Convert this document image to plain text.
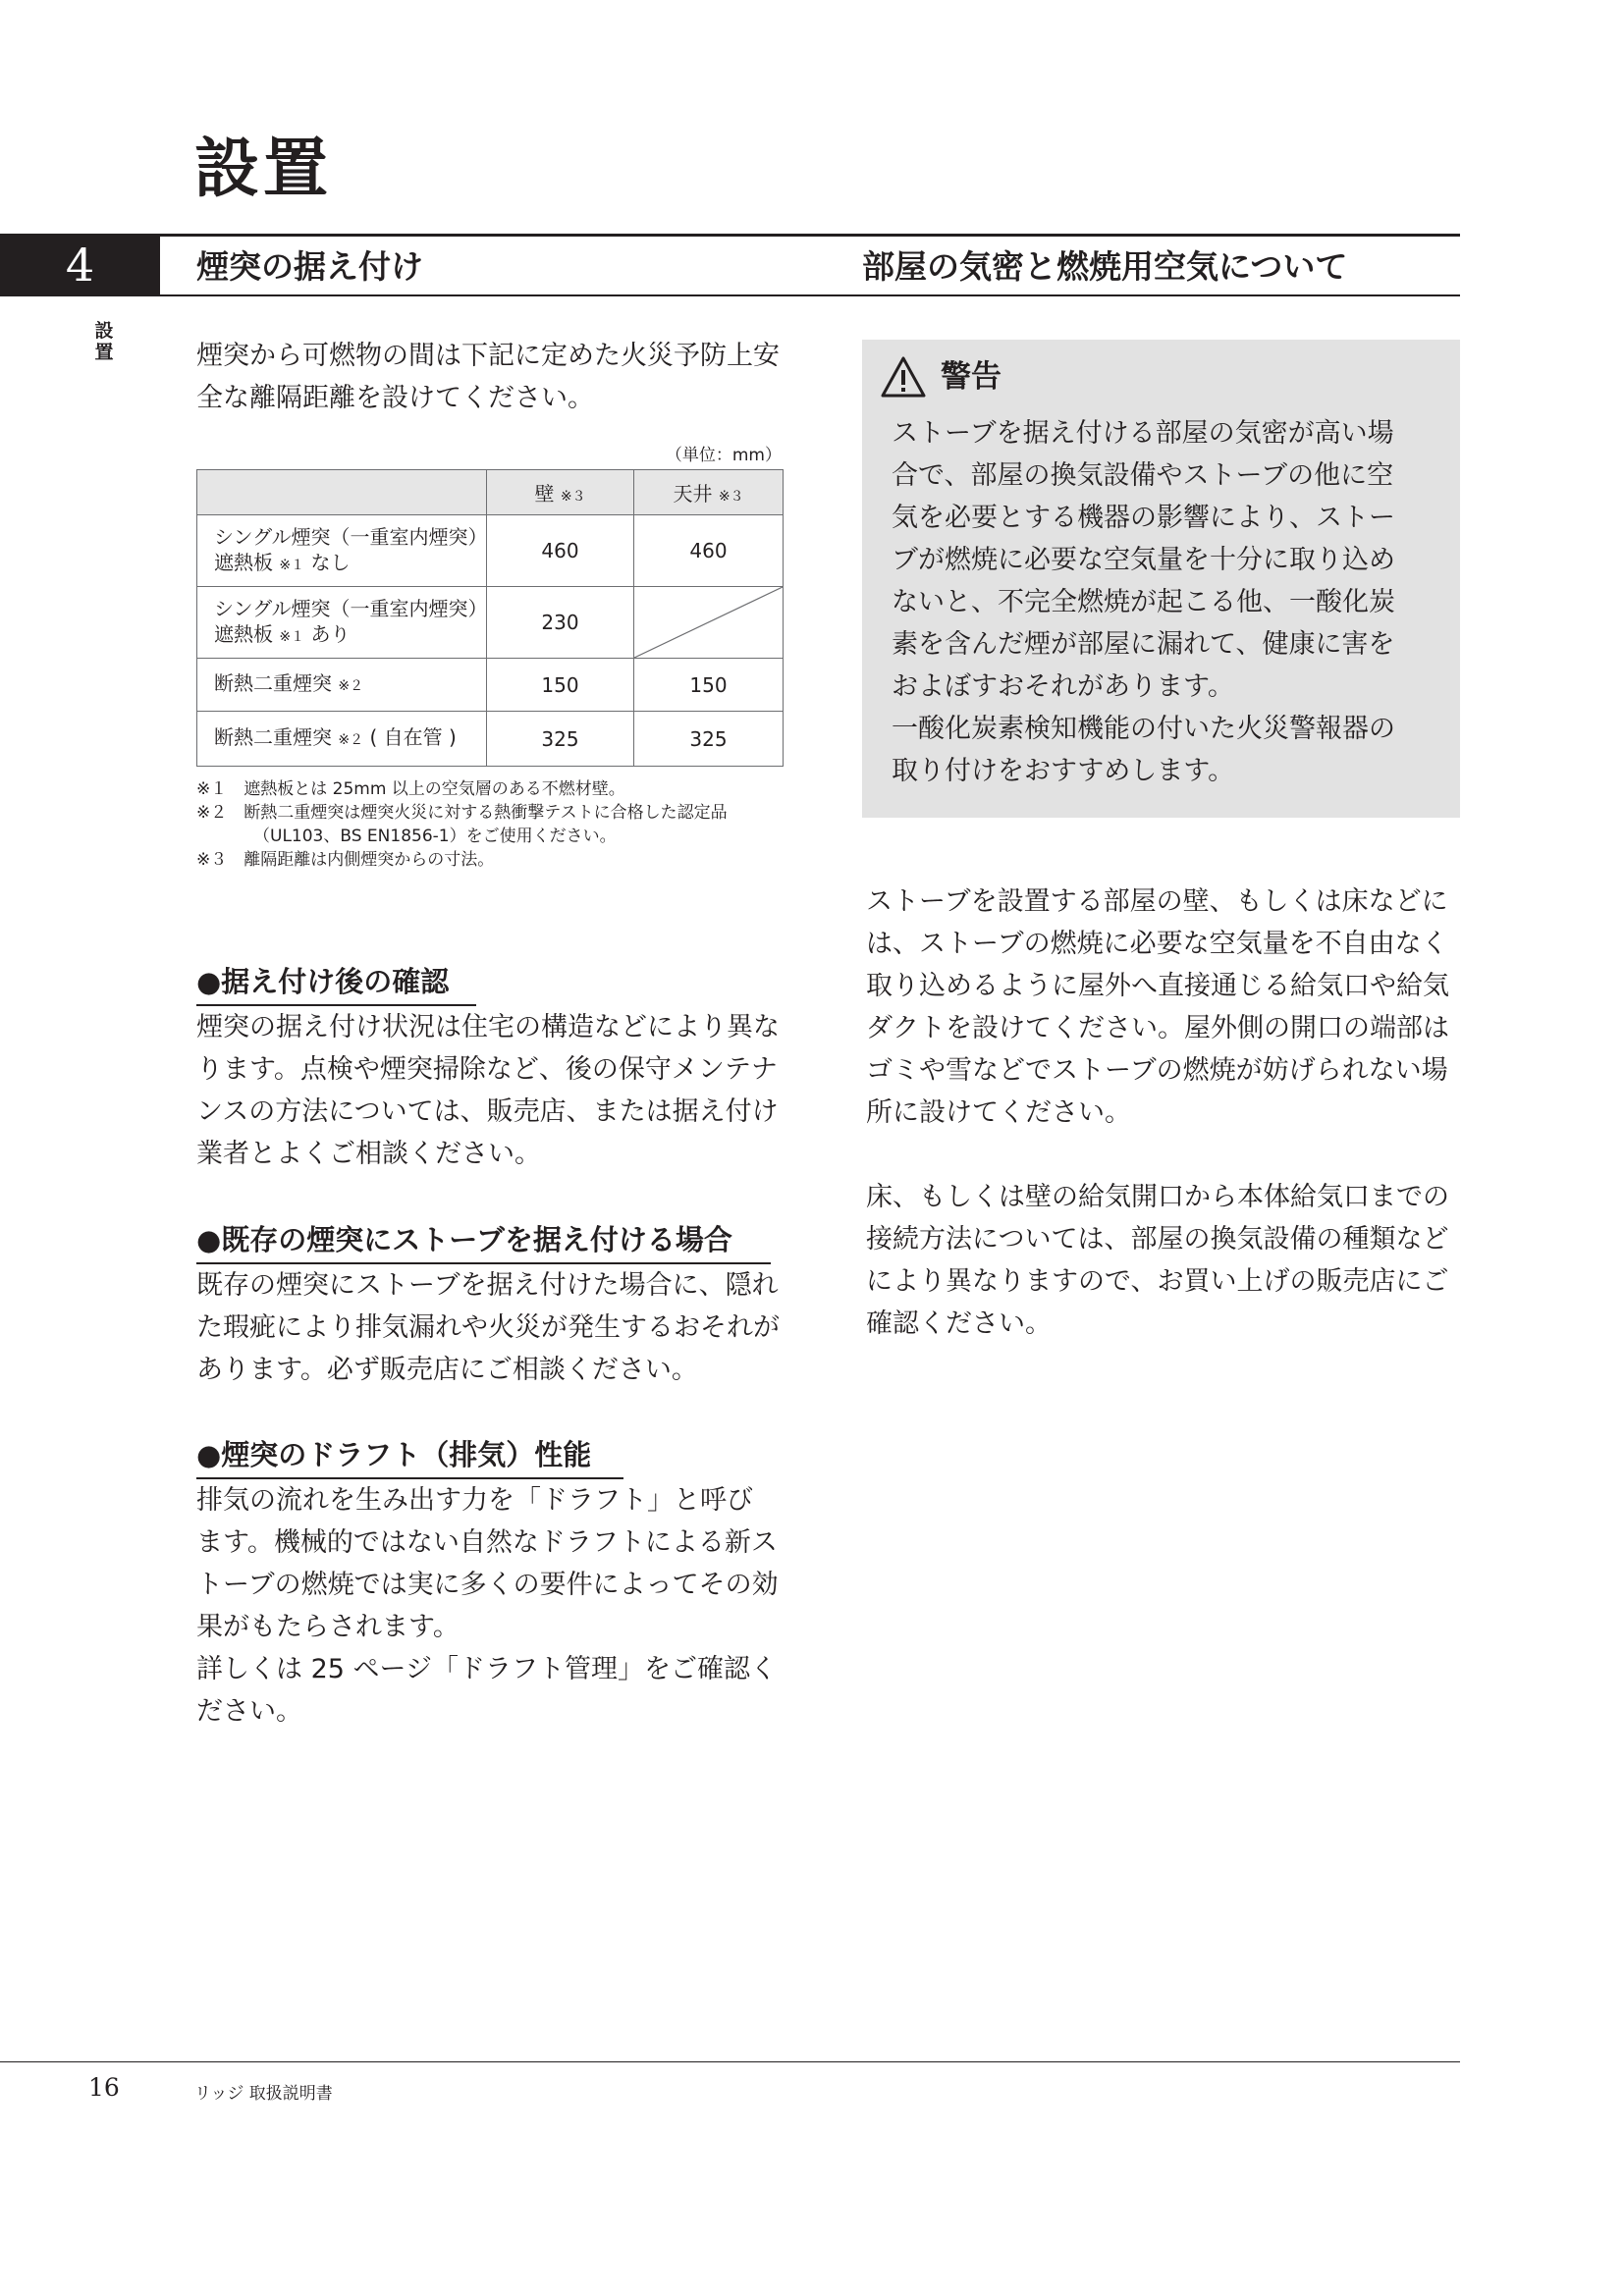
設置
4	煙突の据え付け	部屋の気密と燃焼用空気について
設
置	煙突から可燃物の間は下記に定めた火災予防上安

全な離隔距離を設けてください。

（単位：mm）
	壁 ※３	天井 ※３

シングル煙突（一重室内煙突）
遮熱板 ※１ なし	460	460

シングル煙突（一重室内煙突）
遮熱板 ※１ あり	230	

断熱二重煙突 ※２	150	150
断熱二重煙突 ※２ ( 自在管 )	325	325

※１　遮熱板とは 25mm 以上の空気層のある不燃材壁。

※２　断熱二重煙突は煙突火災に対する熱衝撃テストに合格した認定品（UL103、BS EN1856-1）をご使用ください。

※３　離隔距離は内側煙突からの寸法。

●据え付け後の確認

煙突の据え付け状況は住宅の構造などにより異な

ります。点検や煙突掃除など、後の保守メンテナ

ンスの方法については、販売店、または据え付け

業者とよくご相談ください。

●既存の煙突にストーブを据え付ける場合

既存の煙突にストーブを据え付けた場合に、隠れ

た瑕疵により排気漏れや火災が発生するおそれが

あります。必ず販売店にご相談ください。

●煙突のドラフト（排気）性能

排気の流れを生み出す力を「ドラフト」と呼び

ます。機械的ではない自然なドラフトによる新ス

トーブの燃焼では実に多くの要件によってその効

果がもたらされます。

詳しくは 25 ページ「ドラフト管理」をご確認く

ださい。

警告

ストーブを据え付ける部屋の気密が高い場

合で、部屋の換気設備やストーブの他に空

気を必要とする機器の影響により、ストー

ブが燃焼に必要な空気量を十分に取り込め

ないと、不完全燃焼が起こる他、一酸化炭

素を含んだ煙が部屋に漏れて、健康に害を

およぼすおそれがあります。

一酸化炭素検知機能の付いた火災警報器の

取り付けをおすすめします。

ストーブを設置する部屋の壁、もしくは床などに

は、ストーブの燃焼に必要な空気量を不自由なく

取り込めるように屋外へ直接通じる給気口や給気

ダクトを設けてください。屋外側の開口の端部は

ゴミや雪などでストーブの燃焼が妨げられない場

所に設けてください。

床、もしくは壁の給気開口から本体給気口までの

接続方法については、部屋の換気設備の種類など

により異なりますので、お買い上げの販売店にご

確認ください。

16	リッジ 取扱説明書
